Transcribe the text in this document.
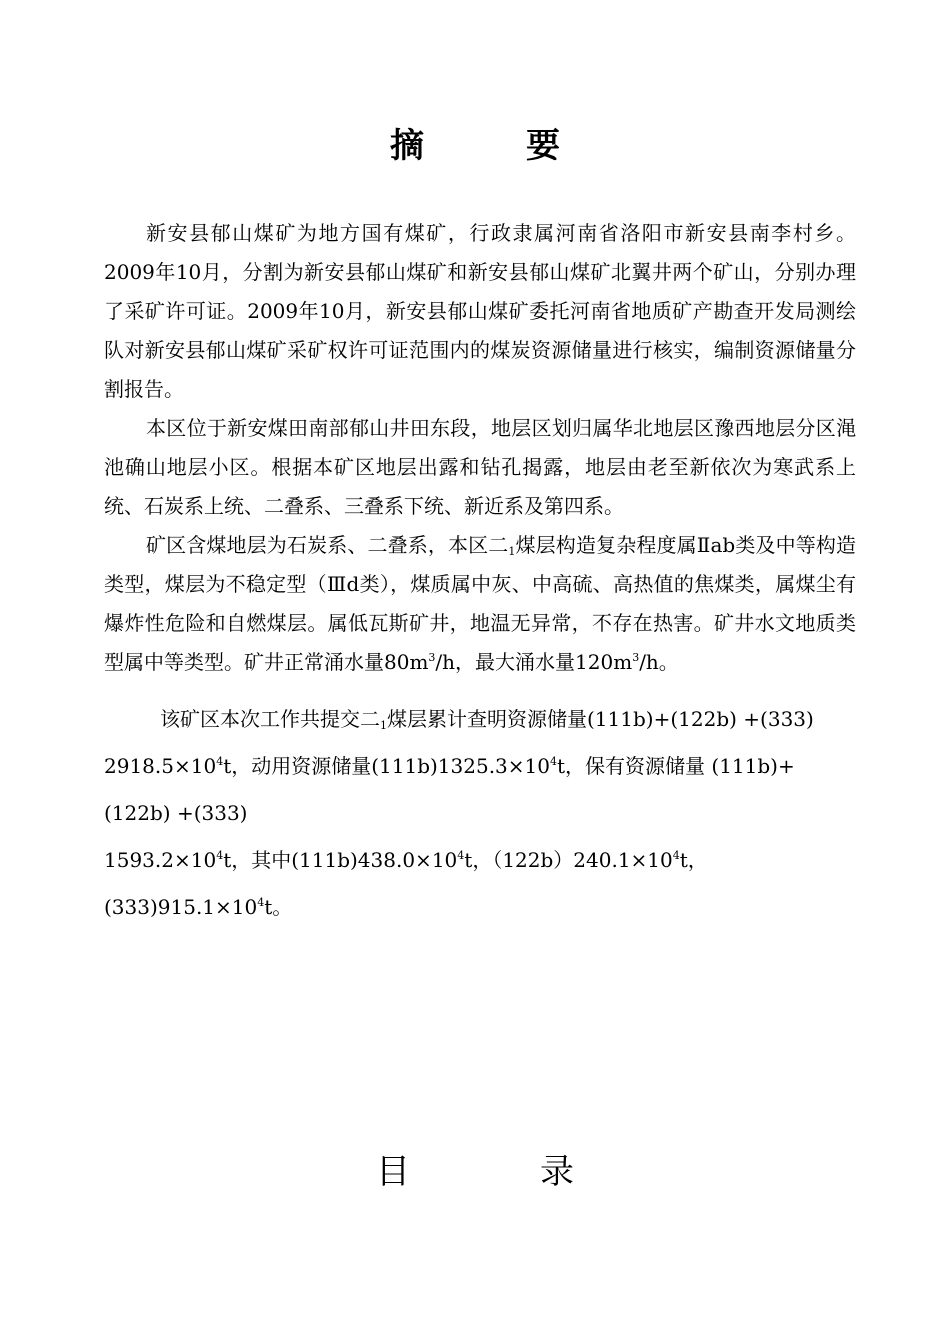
摘　要

新安县郁山煤矿为地方国有煤矿，行政隶属河南省洛阳市新安县南李村乡。2009年10月，分割为新安县郁山煤矿和新安县郁山煤矿北翼井两个矿山，分别办理了采矿许可证。2009年10月，新安县郁山煤矿委托河南省地质矿产勘查开发局测绘队对新安县郁山煤矿采矿权许可证范围内的煤炭资源储量进行核实，编制资源储量分割报告。

本区位于新安煤田南部郁山井田东段，地层区划归属华北地层区豫西地层分区渑池确山地层小区。根据本矿区地层出露和钻孔揭露，地层由老至新依次为寒武系上统、石炭系上统、二叠系、三叠系下统、新近系及第四系。

矿区含煤地层为石炭系、二叠系，本区二$_1$煤层构造复杂程度属Ⅱab类及中等构造类型，煤层为不稳定型（Ⅲd类），煤质属中灰、中高硫、高热值的焦煤类，属煤尘有爆炸性危险和自燃煤层。属低瓦斯矿井，地温无异常，不存在热害。矿井水文地质类型属中等类型。矿井正常涌水量$80m^3/h$，最大涌水量$120m^3/h$。

该矿区本次工作共提交二$_1$煤层累计查明资源储量(111b)+(122b) +(333) $2918.5\times 10^4t$，动用资源储量$(111b)1325.3\times 10^4t$，保有资源储量 (111b)+ (122b) +(333)
$1593.2\times 10^4t$，其中$(111b)438.0\times 10^4t$，$(122b)240.1\times 10^4t$，$(333)915.1\times 10^4t$。

目　录
